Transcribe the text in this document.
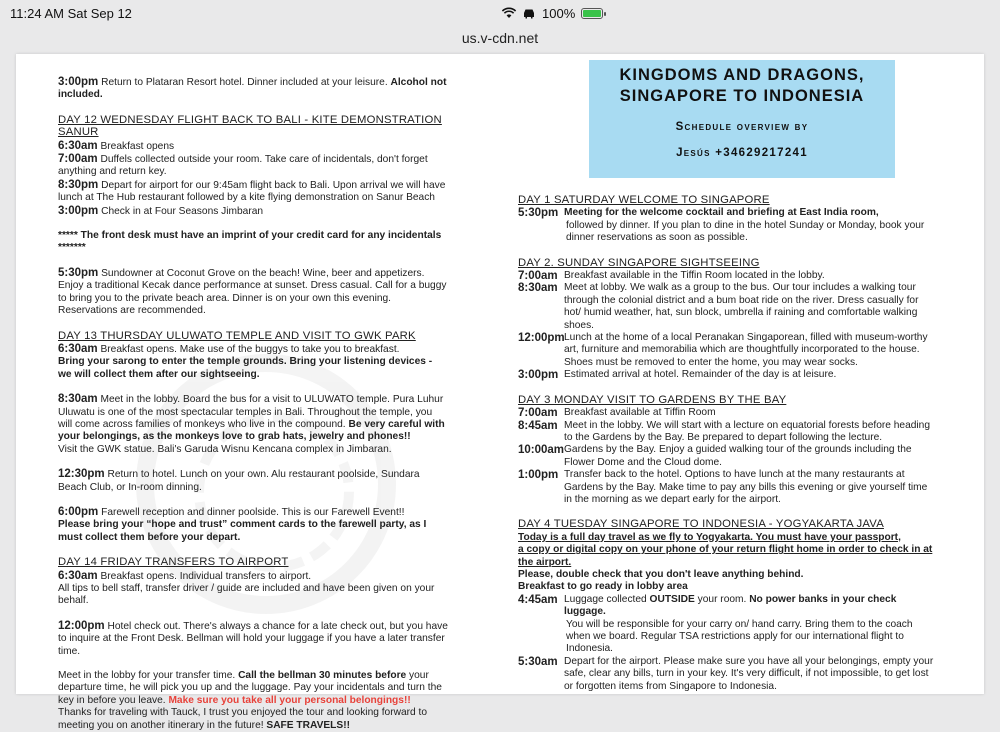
11:24 AM Sat Sep 12	100%
us.v-cdn.net
3:00pm Return to Plataran Resort hotel. Dinner included at your leisure. Alcohol not included.
DAY 12 WEDNESDAY FLIGHT BACK TO BALI - KITE DEMONSTRATION SANUR
6:30am Breakfast opens
7:00am Duffels collected outside your room. Take care of incidentals, don't forget anything and return key.
8:30pm Depart for airport for our 9:45am flight back to Bali. Upon arrival we will have lunch at The Hub restaurant followed by a kite flying demonstration on Sanur Beach
3:00pm Check in at Four Seasons Jimbaran
***** The front desk must have an imprint of your credit card for any incidentals *******
5:30pm Sundowner at Coconut Grove on the beach! Wine, beer and appetizers. Enjoy a traditional Kecak dance performance at sunset. Dress casual. Call for a buggy to bring you to the private beach area. Dinner is on your own this evening. Reservations are recommended.
DAY 13 THURSDAY ULUWATO TEMPLE AND VISIT TO GWK PARK
6:30am Breakfast opens. Make use of the buggys to take you to breakfast.
Bring your sarong to enter the temple grounds. Bring your listening devices - we will collect them after our sightseeing.
8:30am Meet in the lobby. Board the bus for a visit to ULUWATO temple. Pura Luhur Uluwatu is one of the most spectacular temples in Bali. Throughout the temple, you will come across families of monkeys who live in the compound. Be very careful with your belongings, as the monkeys love to grab hats, jewelry and phones!!
Visit the GWK statue. Bali's Garuda Wisnu Kencana complex in Jimbaran.
12:30pm Return to hotel. Lunch on your own. Alu restaurant poolside, Sundara Beach Club, or In-room dinning.
6:00pm Farewell reception and dinner poolside. This is our Farewell Event!!
Please bring your “hope and trust” comment cards to the farewell party, as I must collect them before your depart.
DAY 14 FRIDAY TRANSFERS TO AIRPORT
6:30am Breakfast opens. Individual transfers to airport.
All tips to bell staff, transfer driver / guide are included and have been given on your behalf.
12:00pm Hotel check out. There's always a chance for a late check out, but you have to inquire at the Front Desk. Bellman will hold your luggage if you have a later transfer time.
Meet in the lobby for your transfer time. Call the bellman 30 minutes before your departure time, he will pick you up and the luggage. Pay your incidentals and turn the key in before you leave. Make sure you take all your personal belongings!!
Thanks for traveling with Tauck, I trust you enjoyed the tour and looking forward to meeting you on another itinerary in the future! SAFE TRAVELS!!
KINGDOMS AND DRAGONS,
SINGAPORE TO INDONESIA
Schedule overview by
Jesús +34629217241
DAY 1 SATURDAY WELCOME TO SINGAPORE
5:30pm Meeting for the welcome cocktail and briefing at East India room,
followed by dinner. If you plan to dine in the hotel Sunday or Monday, book your dinner reservations as soon as possible.
DAY 2. SUNDAY SINGAPORE SIGHTSEEING
7:00am Breakfast available in the Tiffin Room located in the lobby.
8:30am Meet at lobby. We walk as a group to the bus. Our tour includes a walking tour through the colonial district and a bum boat ride on the river. Dress casually for hot/ humid weather, hat, sun block, umbrella if raining and comfortable walking shoes.
12:00pm Lunch at the home of a local Peranakan Singaporean, filled with museum-worthy art, furniture and memorabilia which are thoughtfully incorporated to the house. Shoes must be removed to enter the home, you may wear socks.
3:00pm Estimated arrival at hotel. Remainder of the day is at leisure.
DAY 3 MONDAY VISIT TO GARDENS BY THE BAY
7:00am Breakfast available at Tiffin Room
8:45am Meet in the lobby. We will start with a lecture on equatorial forests before heading to the Gardens by the Bay. Be prepared to depart following the lecture.
10:00am Gardens by the Bay. Enjoy a guided walking tour of the grounds including the Flower Dome and the Cloud dome.
1:00pm Transfer back to the hotel. Options to have lunch at the many restaurants at Gardens by the Bay. Make time to pay any bills this evening or give yourself time in the morning as we depart early for the airport.
DAY 4 TUESDAY SINGAPORE TO INDONESIA - YOGYAKARTA JAVA
Today is a full day travel as we fly to Yogyakarta. You must have your passport,
a copy or digital copy on your phone of your return flight home in order to check in at the airport.
Please, double check that you don't leave anything behind.
Breakfast to go ready in lobby area
4:45am Luggage collected OUTSIDE your room. No power banks in your check luggage.
You will be responsible for your carry on/ hand carry. Bring them to the coach when we board. Regular TSA restrictions apply for our international flight to Indonesia.
5:30am Depart for the airport. Please make sure you have all your belongings, empty your safe, clear any bills, turn in your key. It's very difficult, if not impossible, to get lost or forgotten items from Singapore to Indonesia.
